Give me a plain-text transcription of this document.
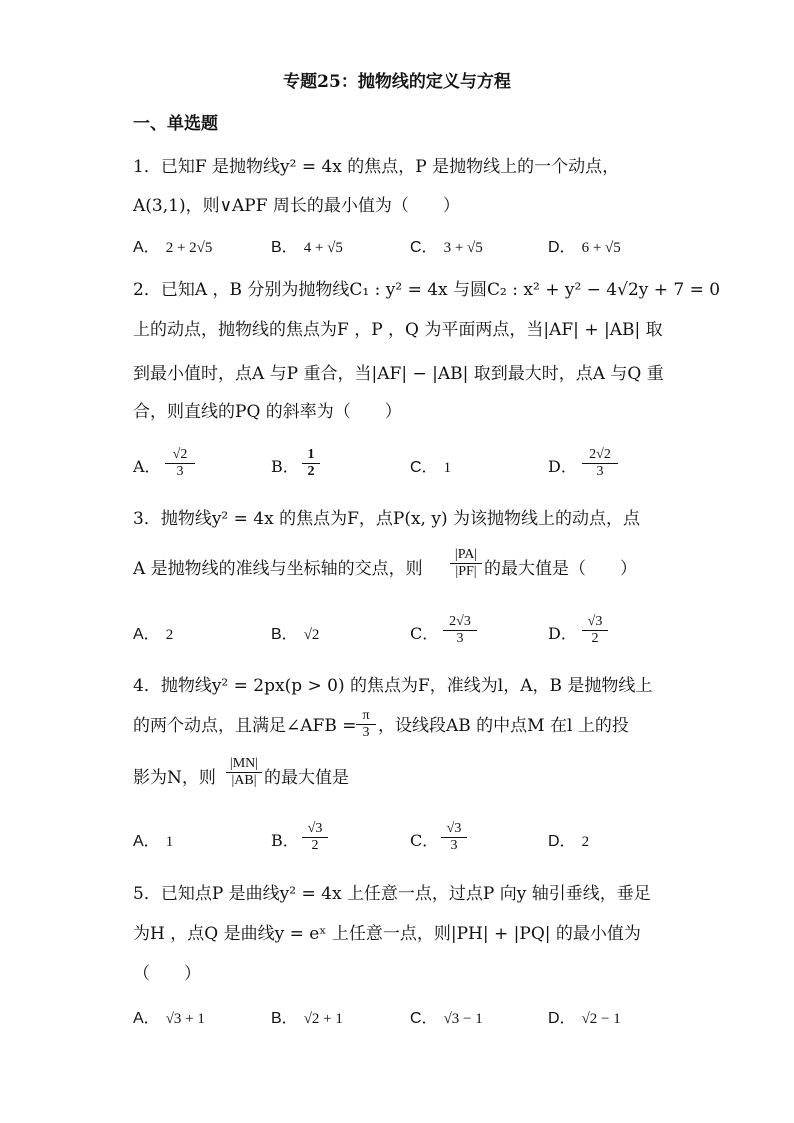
专题25：抛物线的定义与方程
一、单选题
1．已知F 是抛物线y² = 4x 的焦点，P 是抛物线上的一个动点，
A(3,1)，则∨APF 周长的最小值为（　　）
A． 2 + 2√5	B． 4 + √5	C． 3 + √5	D． 6 + √5
2．已知A ，B 分别为抛物线C₁ : y² = 4x 与圆C₂ : x² + y² − 4√2y + 7 = 0
上的动点，抛物线的焦点为F ，P ，Q 为平面两点，当|AF| + |AB| 取
到最小值时，点A 与P 重合，当|AF| − |AB| 取到最大时，点A 与Q 重
合，则直线的PQ 的斜率为（　　）
A． $\frac{√2}{3}$	B． $\frac{1}{2}$	C． 1	D． $\frac{2√2}{3}$
3．抛物线y² = 4x 的焦点为F，点P(x, y) 为该抛物线上的动点，点
A 是抛物线的准线与坐标轴的交点，则 $\frac{|PA|}{|PF|}$ 的最大值是（　　）
A． 2	B． √2	C． $\frac{2√3}{3}$	D． $\frac{√3}{2}$
4．抛物线y² = 2px(p > 0) 的焦点为F，准线为l，A，B 是抛物线上
的两个动点，且满足∠AFB = $\frac{\pi}{3}$ ，设线段AB 的中点M 在l 上的投
影为N，则 $\frac{|MN|}{|AB|}$ 的最大值是
A． 1	B． $\frac{√3}{2}$	C． $\frac{√3}{3}$	D． 2
5．已知点P 是曲线y² = 4x 上任意一点，过点P 向y 轴引垂线，垂足
为H ，点Q 是曲线y = eˣ 上任意一点，则|PH| + |PQ| 的最小值为
（　　）
A． √3 + 1	B． √2 + 1	C． √3 − 1	D． √2 − 1
